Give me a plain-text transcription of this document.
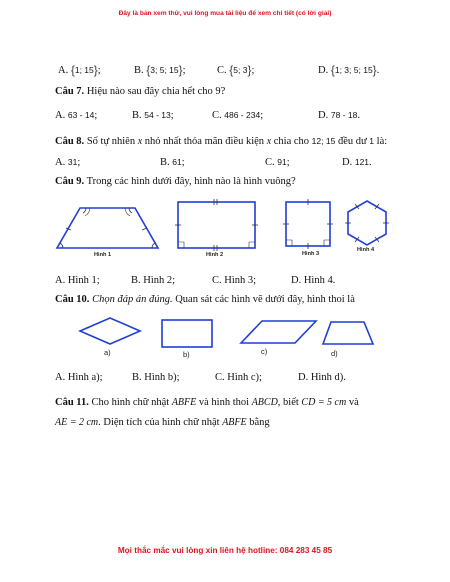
Đây là bản xem thử, vui lòng mua tài liệu để xem chi tiết (có lời giải)
A. {1; 15};	B. {3; 5; 15};	C. {5; 3};	D. {1; 3; 5; 15}.
Câu 7. Hiệu nào sau đây chia hết cho 9?
A. 63 - 14;	B. 54 - 13;	C. 486 - 234;	D. 78 - 18.
Câu 8. Số tự nhiên x nhỏ nhất thỏa mãn điều kiện x chia cho 12; 15 đều dư 1 là:
A. 31;	B. 61;	C. 91;	D. 121.
Câu 9. Trong các hình dưới đây, hình nào là hình vuông?
Hình 1	Hình 2	Hình 3
Hình 4
A. Hình 1;	B. Hình 2;	C. Hình 3;	D. Hình 4.
Câu 10. Chọn đáp án đúng. Quan sát các hình vẽ dưới đây, hình thoi là
a)	b)	c)	d)
A. Hình a);	B. Hình b);	C. Hình c);	D. Hình d).
Câu 11. Cho hình chữ nhật ABFE và hình thoi ABCD, biết CD = 5 cm và
AE = 2 cm. Diện tích của hình chữ nhật ABFE bằng
Mọi thắc mắc vui lòng xin liên hệ hotline: 084 283 45 85
